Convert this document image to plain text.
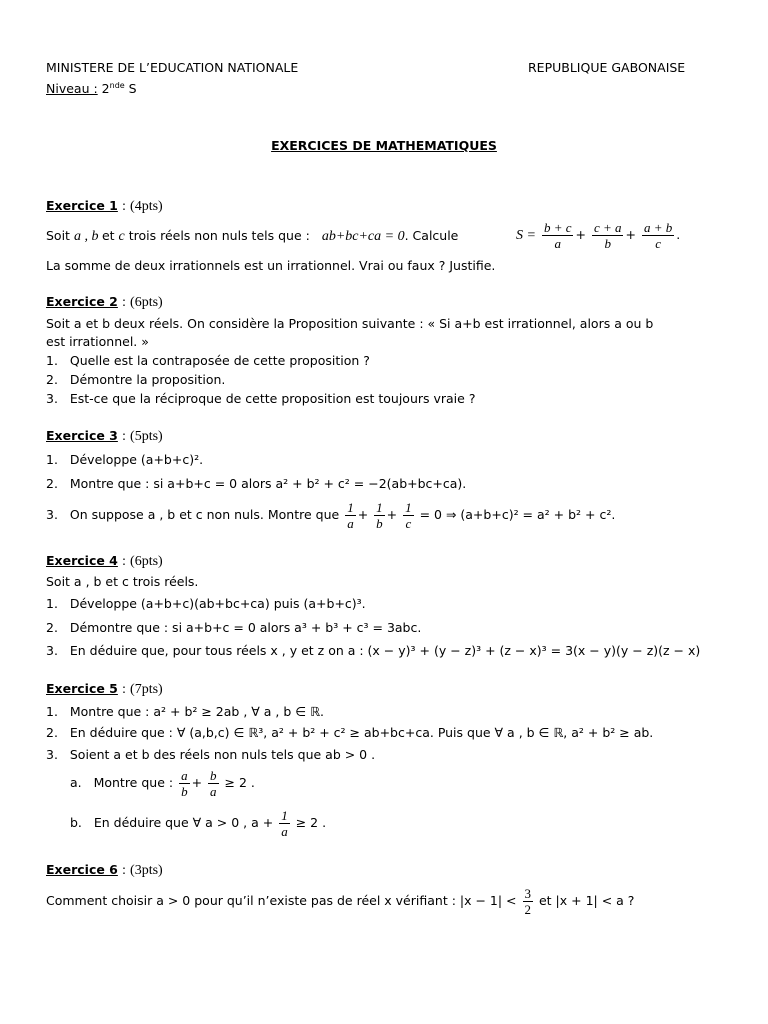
MINISTERE DE L’EDUCATION NATIONALE	REPUBLIQUE GABONAISE
Niveau : 2nde S
EXERCICES DE MATHEMATIQUES
Exercice 1 : (4pts)
Soit a , b et c trois réels non nuls tels que : ab+bc+ca = 0. Calcule	$S = \frac{b + c}{a} + \frac{c + a}{b} + \frac{a + b}{c}$ .
La somme de deux irrationnels est un irrationnel. Vrai ou faux ? Justifie.
Exercice 2 : (6pts)
Soit a et b deux réels. On considère la Proposition suivante : « Si a+b est irrationnel, alors a ou b
est irrationnel. »
1. Quelle est la contraposée de cette proposition ?
2. Démontre la proposition.
3. Est-ce que la réciproque de cette proposition est toujours vraie ?
Exercice 3 : (5pts)
1. Développe (a+b+c)².
2. Montre que : si a+b+c = 0 alors a² + b² + c² = −2(ab+bc+ca).
3. On suppose a , b et c non nuls. Montre que $\frac{1}{a} + \frac{1}{b} + \frac{1}{c} = 0$ ⇒ (a+b+c)² = a² + b² + c².
Exercice 4 : (6pts)
Soit a , b et c trois réels.
1. Développe (a+b+c)(ab+bc+ca) puis (a+b+c)³.
2. Démontre que : si a+b+c = 0 alors a³ + b³ + c³ = 3abc.
3. En déduire que, pour tous réels x , y et z on a : (x − y)³ + (y − z)³ + (z − x)³ = 3(x − y)(y − z)(z − x)
Exercice 5 : (7pts)
1. Montre que : a² + b² ≥ 2ab , ∀ a , b ∈ ℝ.
2. En déduire que : ∀ (a,b,c) ∈ ℝ³, a² + b² + c² ≥ ab+bc+ca. Puis que ∀ a , b ∈ ℝ, a² + b² ≥ ab.
3. Soient a et b des réels non nuls tels que ab > 0 .
a. Montre que : $\frac{a}{b} + \frac{b}{a} \ge 2$ .
b. En déduire que ∀ a > 0 , $a + \frac{1}{a} \ge 2$ .
Exercice 6 : (3pts)
Comment choisir a > 0 pour qu’il n’existe pas de réel x vérifiant : $|x - 1| < \frac{3}{2}$ et |x + 1| < a ?
